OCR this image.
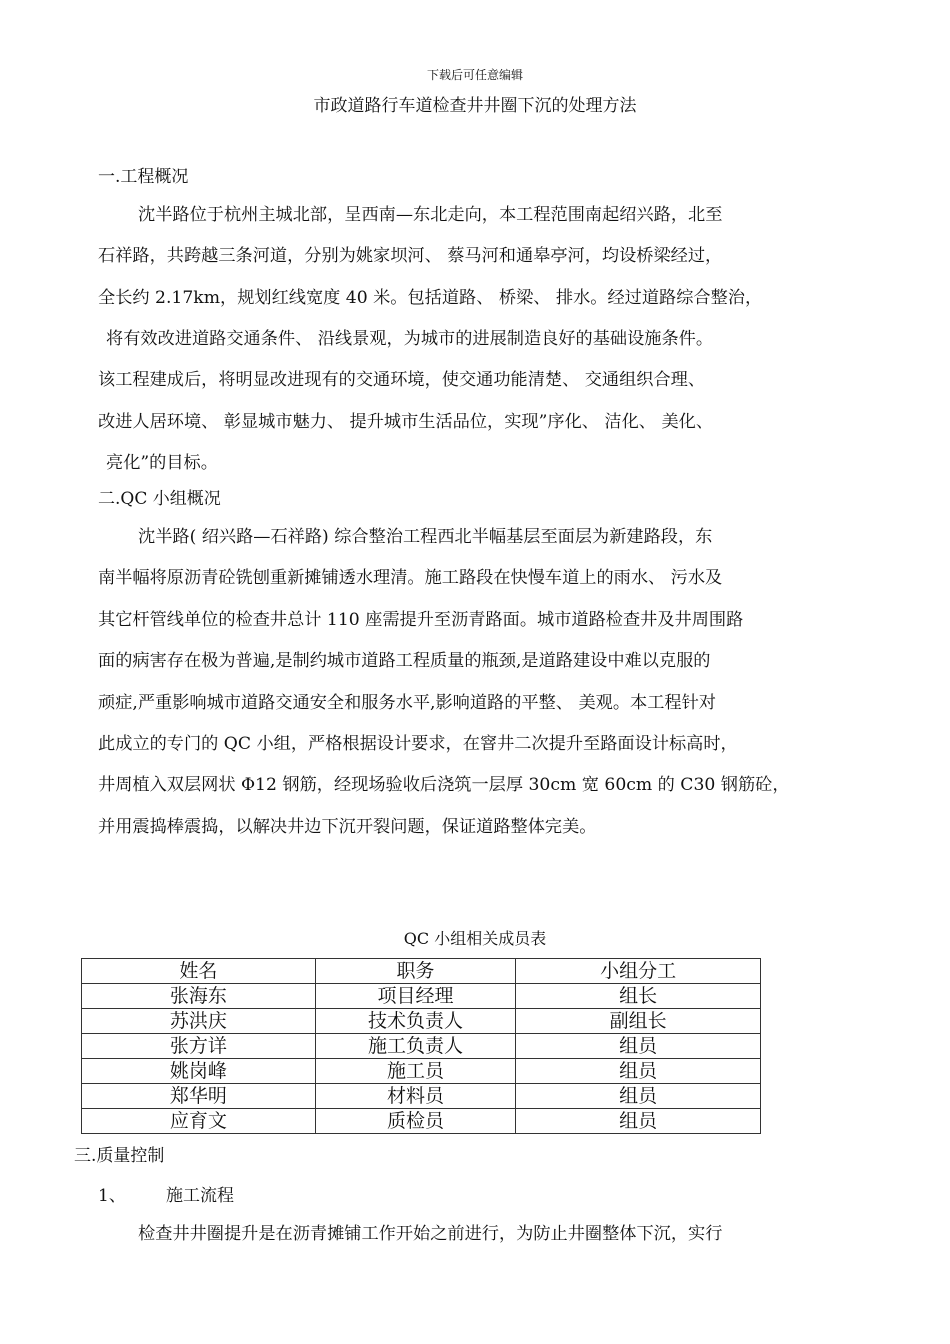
下载后可任意编辑
市政道路行车道检查井井圈下沉的处理方法
一.工程概况
沈半路位于杭州主城北部，呈西南—东北走向，本工程范围南起绍兴路，北至
石祥路，共跨越三条河道，分别为姚家坝河、 蔡马河和通皋亭河，均设桥梁经过，
全长约 2.17km，规划红线宽度 40 米。包括道路、 桥梁、 排水。经过道路综合整治，
将有效改进道路交通条件、 沿线景观，为城市的进展制造良好的基础设施条件。
该工程建成后，将明显改进现有的交通环境，使交通功能清楚、 交通组织合理、
改进人居环境、 彰显城市魅力、 提升城市生活品位，实现”序化、 洁化、 美化、
亮化”的目标。
二.QC 小组概况
沈半路( 绍兴路—石祥路) 综合整治工程西北半幅基层至面层为新建路段，东
南半幅将原沥青砼铣刨重新摊铺透水理清。施工路段在快慢车道上的雨水、 污水及
其它杆管线单位的检查井总计 110 座需提升至沥青路面。城市道路检查井及井周围路
面的病害存在极为普遍,是制约城市道路工程质量的瓶颈,是道路建设中难以克服的
顽症,严重影响城市道路交通安全和服务水平,影响道路的平整、 美观。本工程针对
此成立的专门的 QC 小组，严格根据设计要求，在窨井二次提升至路面设计标高时，
井周植入双层网状 Φ12 钢筋，经现场验收后浇筑一层厚 30cm 宽 60cm 的 C30 钢筋砼，
并用震捣棒震捣，以解决井边下沉开裂问题，保证道路整体完美。
QC 小组相关成员表
姓名	职务	小组分工
张海东	项目经理	组长
苏洪庆	技术负责人	副组长
张方详	施工负责人	组员
姚岗峰	施工员	组员
郑华明	材料员	组员
应育文	质检员	组员
三.质量控制
1、 施工流程
检查井井圈提升是在沥青摊铺工作开始之前进行，为防止井圈整体下沉，实行
